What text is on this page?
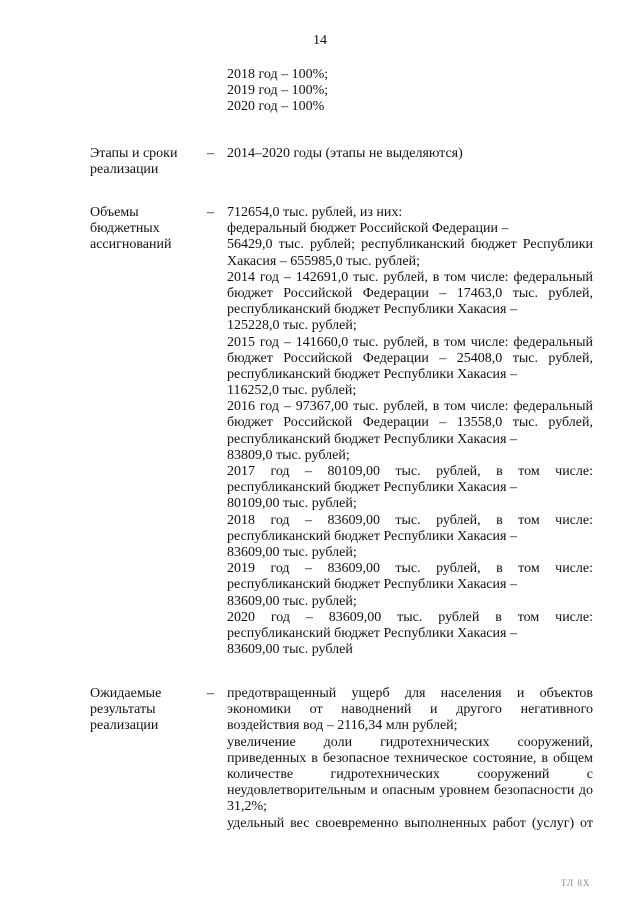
14
2018 год – 100%;
2019 год – 100%;
2020 год – 100%
Этапы и сроки
реализации
– 2014–2020 годы (этапы не выделяются)
Объемы
бюджетных
ассигнований
– 712654,0 тыс. рублей, из них:
федеральный бюджет Российской Федерации –
56429,0 тыс. рублей; республиканский бюджет Республики
Хакасия – 655985,0 тыс. рублей;
2014 год – 142691,0 тыс. рублей, в том числе: федеральный
бюджет Российской Федерации – 17463,0 тыс. рублей,
республиканский бюджет Республики Хакасия –
125228,0 тыс. рублей;
2015 год – 141660,0 тыс. рублей, в том числе: федеральный
бюджет Российской Федерации – 25408,0 тыс. рублей,
республиканский бюджет Республики Хакасия –
116252,0 тыс. рублей;
2016 год – 97367,00 тыс. рублей, в том числе: федеральный
бюджет Российской Федерации – 13558,0 тыс. рублей,
республиканский бюджет Республики Хакасия –
83809,0 тыс. рублей;
2017 год – 80109,00 тыс. рублей, в том числе:
республиканский бюджет Республики Хакасия –
80109,00 тыс. рублей;
2018 год – 83609,00 тыс. рублей, в том числе:
республиканский бюджет Республики Хакасия –
83609,00 тыс. рублей;
2019 год – 83609,00 тыс. рублей, в том числе:
республиканский бюджет Республики Хакасия –
83609,00 тыс. рублей;
2020 год – 83609,00 тыс. рублей в том числе:
республиканский бюджет Республики Хакасия –
83609,00 тыс. рублей
Ожидаемые
результаты
реализации
– предотвращенный ущерб для населения и объектов
экономики от наводнений и другого негативного
воздействия вод – 2116,34 млн рублей;
увеличение доли гидротехнических сооружений,
приведенных в безопасное техническое состояние, в общем
количестве гидротехнических сооружений с
неудовлетворительным и опасным уровнем безопасности до
31,2%;
удельный вес своевременно выполненных работ (услуг) от
ТЛ 8Х
